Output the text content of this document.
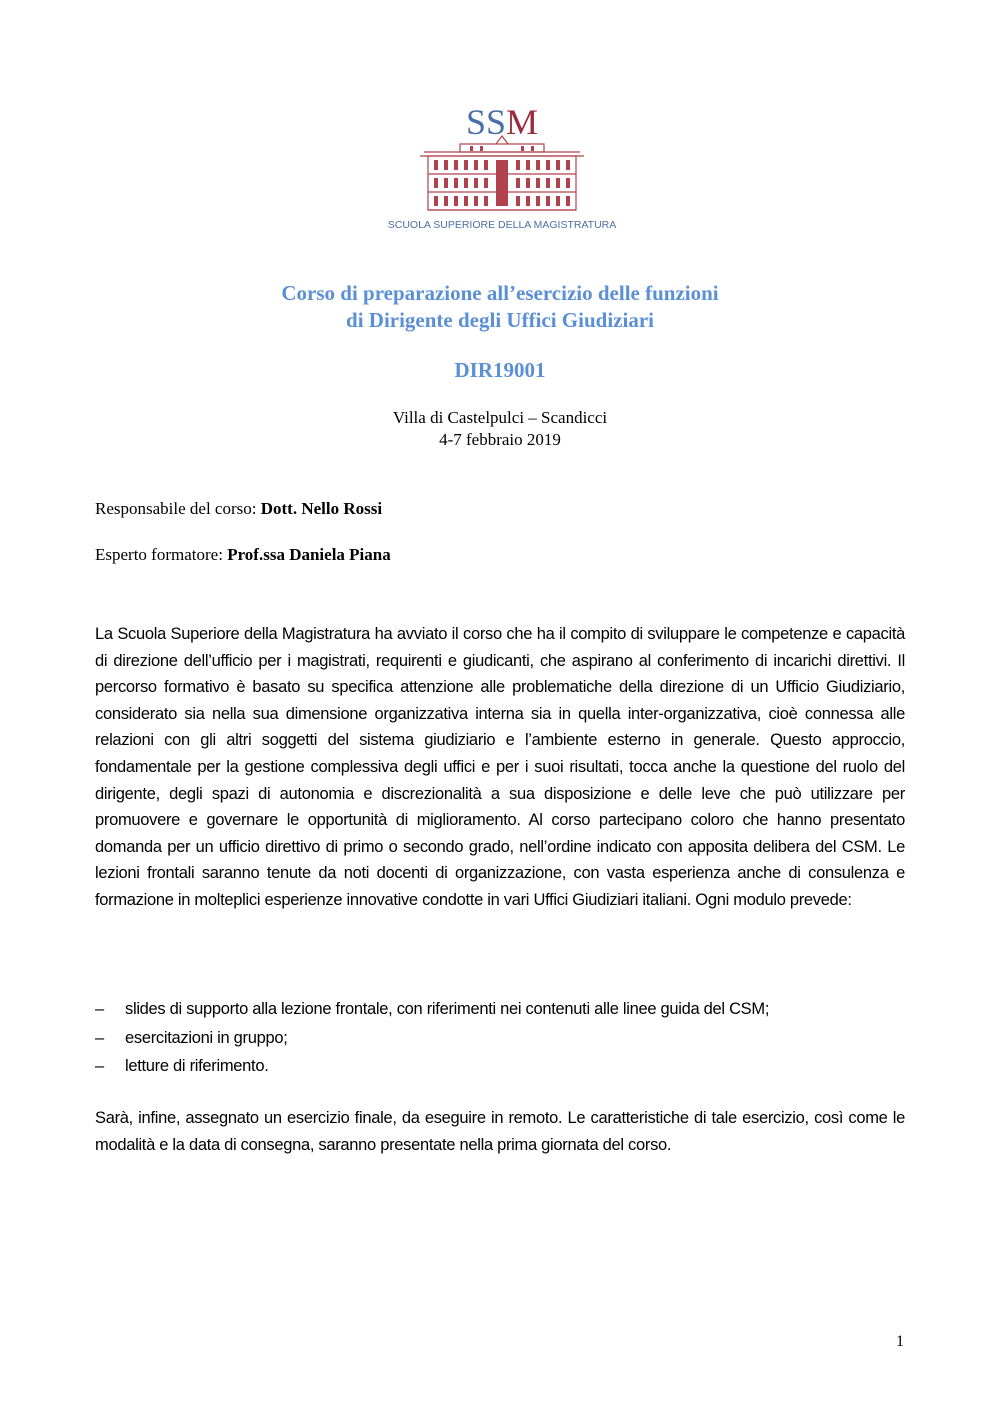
SSM
SCUOLA SUPERIORE DELLA MAGISTRATURA
Corso di preparazione all’esercizio delle funzioni
di Dirigente degli Uffici Giudiziari
DIR19001
Villa di Castelpulci – Scandicci
4-7 febbraio 2019
Responsabile del corso: Dott. Nello Rossi
Esperto formatore: Prof.ssa Daniela Piana
La Scuola Superiore della Magistratura ha avviato il corso che ha il compito di sviluppare le competenze e capacità di direzione dell’ufficio per i magistrati, requirenti e giudicanti, che aspirano al conferimento di incarichi direttivi. Il percorso formativo è basato su specifica attenzione alle problematiche della direzione di un Ufficio Giudiziario, considerato sia nella sua dimensione organizzativa interna sia in quella inter-organizzativa, cioè connessa alle relazioni con gli altri soggetti del sistema giudiziario e l’ambiente esterno in generale. Questo approccio, fondamentale per la gestione complessiva degli uffici e per i suoi risultati, tocca anche la questione del ruolo del dirigente, degli spazi di autonomia e discrezionalità a sua disposizione e delle leve che può utilizzare per promuovere e governare le opportunità di miglioramento. Al corso partecipano coloro che hanno presentato domanda per un ufficio direttivo di primo o secondo grado, nell’ordine indicato con apposita delibera del CSM. Le lezioni frontali saranno tenute da noti docenti di organizzazione, con vasta esperienza anche di consulenza e formazione in molteplici esperienze innovative condotte in vari Uffici Giudiziari italiani. Ogni modulo prevede:
– slides di supporto alla lezione frontale, con riferimenti nei contenuti alle linee guida del CSM;
– esercitazioni in gruppo;
– letture di riferimento.
Sarà, infine, assegnato un esercizio finale, da eseguire in remoto. Le caratteristiche di tale esercizio, così come le modalità e la data di consegna, saranno presentate nella prima giornata del corso.
1
